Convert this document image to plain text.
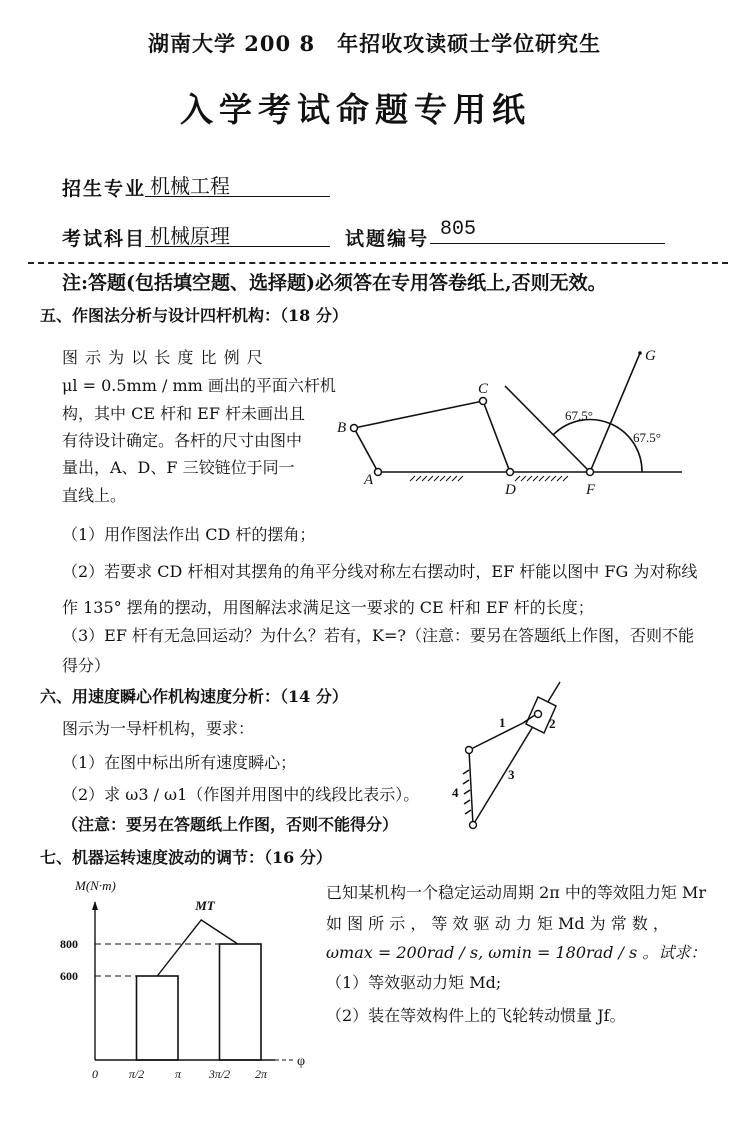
湖南大学 200 8　年招收攻读硕士学位研究生
入学考试命题专用纸
招生专业 机械工程
考试科目 机械原理	试题编号 805
注:答题(包括填空题、选择题)必须答在专用答卷纸上,否则无效。
五、作图法分析与设计四杆机构：（18 分）
图 示 为 以 长 度 比 例 尺
μl = 0.5mm / mm 画出的平面六杆机
构，其中 CE 杆和 EF 杆未画出且
有待设计确定。各杆的尺寸由图中
量出，A、D、F 三铰链位于同一
直线上。
A
B
C
D	F
G
67.5°
67.5°
1	2
3
4
M(N·m)
φ
0	π/2	π 3π/2 2π
600
800
MT
（1）用作图法作出 CD 杆的摆角；
（2）若要求 CD 杆相对其摆角的角平分线对称左右摆动时，EF 杆能以图中 FG 为对称线
作 135° 摆角的摆动，用图解法求满足这一要求的 CE 杆和 EF 杆的长度；
（3）EF 杆有无急回运动？为什么？若有，K=?（注意：要另在答题纸上作图，否则不能
得分）
六、用速度瞬心作机构速度分析：（14 分）
图示为一导杆机构，要求：
（1）在图中标出所有速度瞬心；
（2）求 ω3 / ω1（作图并用图中的线段比表示）。
（注意：要另在答题纸上作图，否则不能得分）
七、机器运转速度波动的调节：（16 分）
已知某机构一个稳定运动周期 2π 中的等效阻力矩 Mr
如 图 所 示 ， 等 效 驱 动 力 矩 Md 为 常 数 ，
ωmax = 200rad / s, ωmin = 180rad / s 。试求：
（1）等效驱动力矩 Md;
（2）装在等效构件上的飞轮转动惯量 Jf。
